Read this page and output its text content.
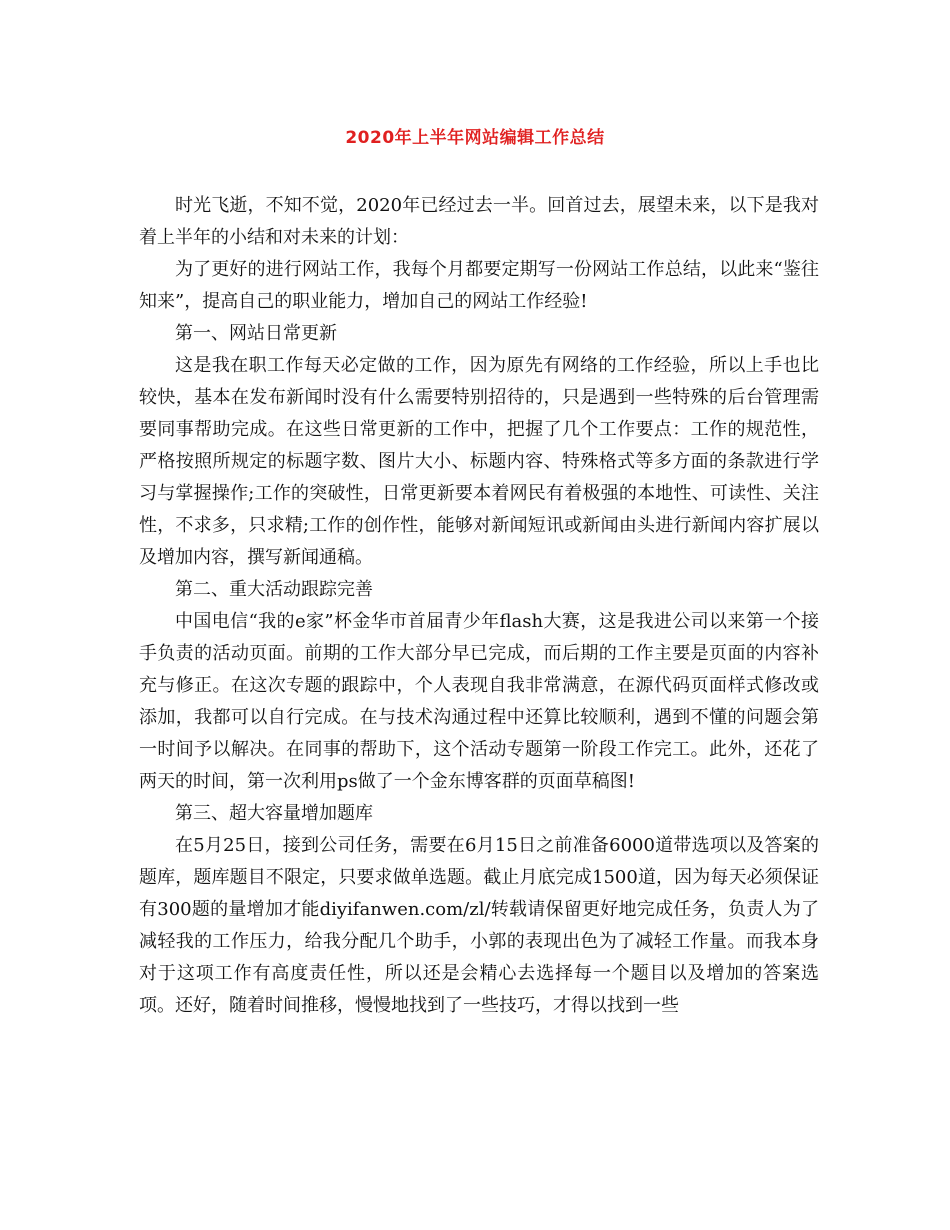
2020年上半年网站编辑工作总结

时光飞逝，不知不觉，2020年已经过去一半。回首过去，展望未来，以下是我对着上半年的小结和对未来的计划：

为了更好的进行网站工作，我每个月都要定期写一份网站工作总结，以此来“鉴往知来”，提高自己的职业能力，增加自己的网站工作经验!

第一、网站日常更新

这是我在职工作每天必定做的工作，因为原先有网络的工作经验，所以上手也比较快，基本在发布新闻时没有什么需要特别招待的，只是遇到一些特殊的后台管理需要同事帮助完成。在这些日常更新的工作中，把握了几个工作要点：工作的规范性，严格按照所规定的标题字数、图片大小、标题内容、特殊格式等多方面的条款进行学习与掌握操作;工作的突破性，日常更新要本着网民有着极强的本地性、可读性、关注性，不求多，只求精;工作的创作性，能够对新闻短讯或新闻由头进行新闻内容扩展以及增加内容，撰写新闻通稿。

第二、重大活动跟踪完善

中国电信“我的e家”杯金华市首届青少年flash大赛，这是我进公司以来第一个接手负责的活动页面。前期的工作大部分早已完成，而后期的工作主要是页面的内容补充与修正。在这次专题的跟踪中，个人表现自我非常满意，在源代码页面样式修改或添加，我都可以自行完成。在与技术沟通过程中还算比较顺利，遇到不懂的问题会第一时间予以解决。在同事的帮助下，这个活动专题第一阶段工作完工。此外，还花了两天的时间，第一次利用ps做了一个金东博客群的页面草稿图!

第三、超大容量增加题库

在5月25日，接到公司任务，需要在6月15日之前准备6000道带选项以及答案的题库，题库题目不限定，只要求做单选题。截止月底完成1500道，因为每天必须保证有300题的量增加才能diyifanwen.com/zl/转载请保留更好地完成任务，负责人为了减轻我的工作压力，给我分配几个助手，小郭的表现出色为了减轻工作量。而我本身对于这项工作有高度责任性，所以还是会精心去选择每一个题目以及增加的答案选项。还好，随着时间推移，慢慢地找到了一些技巧，才得以找到一些
